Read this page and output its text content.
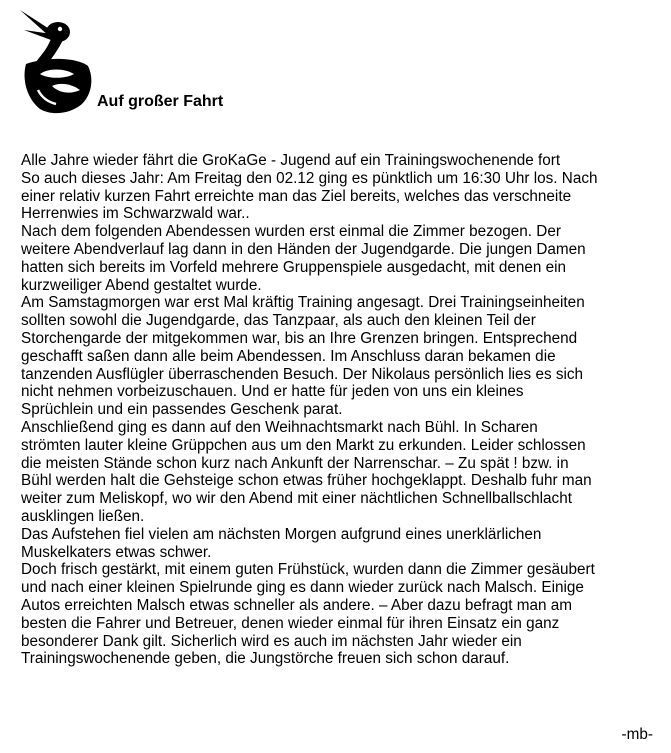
Auf großer Fahrt

Alle Jahre wieder fährt die GroKaGe - Jugend auf ein Trainingswochenende fort
So auch dieses Jahr: Am Freitag den 02.12 ging es pünktlich um 16:30 Uhr los. Nach
einer relativ kurzen Fahrt erreichte man das Ziel bereits, welches das verschneite
Herrenwies im Schwarzwald war..

Nach dem folgenden Abendessen wurden erst einmal die Zimmer bezogen. Der
weitere Abendverlauf lag dann in den Händen der Jugendgarde. Die jungen Damen
hatten sich bereits im Vorfeld mehrere Gruppenspiele ausgedacht, mit denen ein
kurzweiliger Abend gestaltet wurde.

Am Samstagmorgen war erst Mal kräftig Training angesagt. Drei Trainingseinheiten
sollten sowohl die Jugendgarde, das Tanzpaar, als auch den kleinen Teil der
Storchengarde der mitgekommen war, bis an Ihre Grenzen bringen. Entsprechend
geschafft saßen dann alle beim Abendessen. Im Anschluss daran bekamen die
tanzenden Ausflügler überraschenden Besuch. Der Nikolaus persönlich lies es sich
nicht nehmen vorbeizuschauen. Und er hatte für jeden von uns ein kleines
Sprüchlein und ein passendes Geschenk parat.

Anschließend ging es dann auf den Weihnachtsmarkt nach Bühl. In Scharen
strömten lauter kleine Grüppchen aus um den Markt zu erkunden. Leider schlossen
die meisten Stände schon kurz nach Ankunft der Narrenschar. – Zu spät ! bzw. in
Bühl werden halt die Gehsteige schon etwas früher hochgeklappt. Deshalb fuhr man
weiter zum Meliskopf, wo wir den Abend mit einer nächtlichen Schnellballschlacht
ausklingen ließen.

Das Aufstehen fiel vielen am nächsten Morgen aufgrund eines unerklärlichen
Muskelkaters etwas schwer.

Doch frisch gestärkt, mit einem guten Frühstück, wurden dann die Zimmer gesäubert
und nach einer kleinen Spielrunde ging es dann wieder zurück nach Malsch. Einige
Autos erreichten Malsch etwas schneller als andere. – Aber dazu befragt man am
besten die Fahrer und Betreuer, denen wieder einmal für ihren Einsatz ein ganz
besonderer Dank gilt. Sicherlich wird es auch im nächsten Jahr wieder ein
Trainingswochenende geben, die Jungstörche freuen sich schon darauf.

-mb-
